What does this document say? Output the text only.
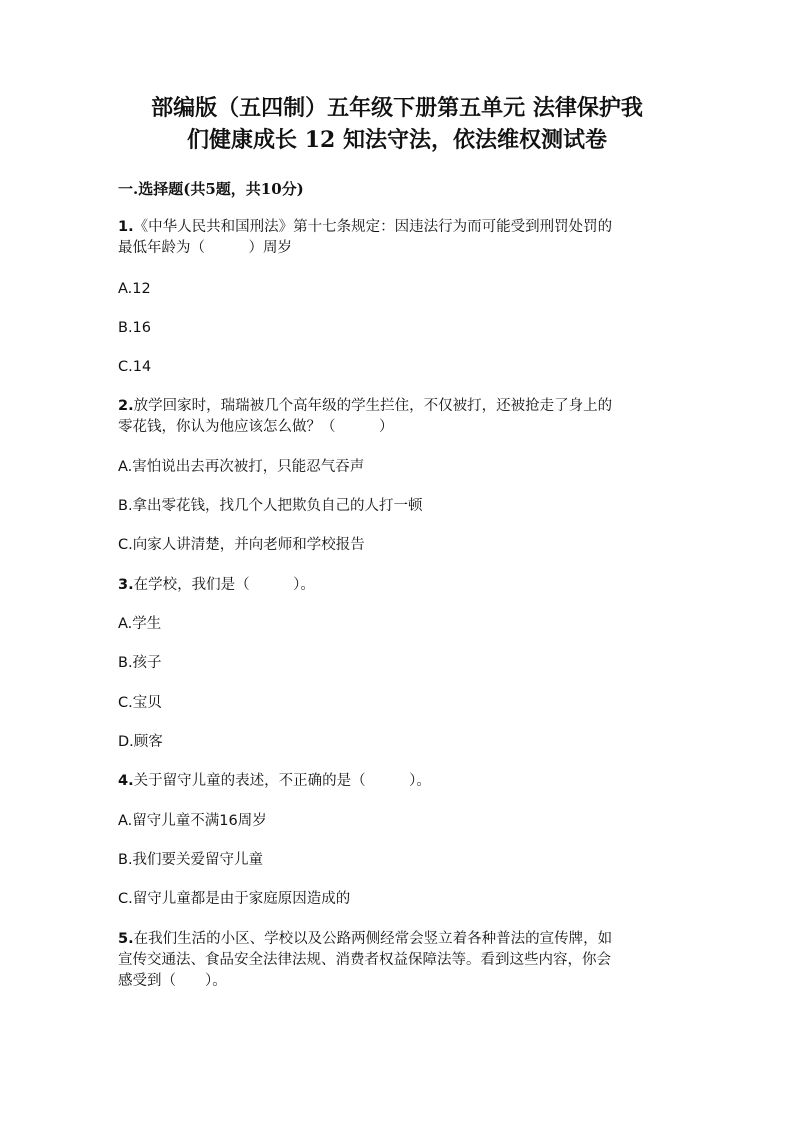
部编版（五四制）五年级下册第五单元 法律保护我
们健康成长 12 知法守法，依法维权测试卷

一.选择题(共5题，共10分)

1.《中华人民共和国刑法》第十七条规定：因违法行为而可能受到刑罚处罚的

最低年龄为（　　　）周岁

A.12

B.16

C.14

2.放学回家时，瑞瑞被几个高年级的学生拦住，不仅被打，还被抢走了身上的

零花钱，你认为他应该怎么做？（　　　）

A.害怕说出去再次被打，只能忍气吞声

B.拿出零花钱，找几个人把欺负自己的人打一顿

C.向家人讲清楚，并向老师和学校报告

3.在学校，我们是（　　　）。

A.学生

B.孩子

C.宝贝

D.顾客

4.关于留守儿童的表述，不正确的是（　　　）。

A.留守儿童不满16周岁

B.我们要关爱留守儿童

C.留守儿童都是由于家庭原因造成的

5.在我们生活的小区、学校以及公路两侧经常会竖立着各种普法的宣传牌，如

宣传交通法、食品安全法律法规、消费者权益保障法等。看到这些内容，你会

感受到（　　）。
